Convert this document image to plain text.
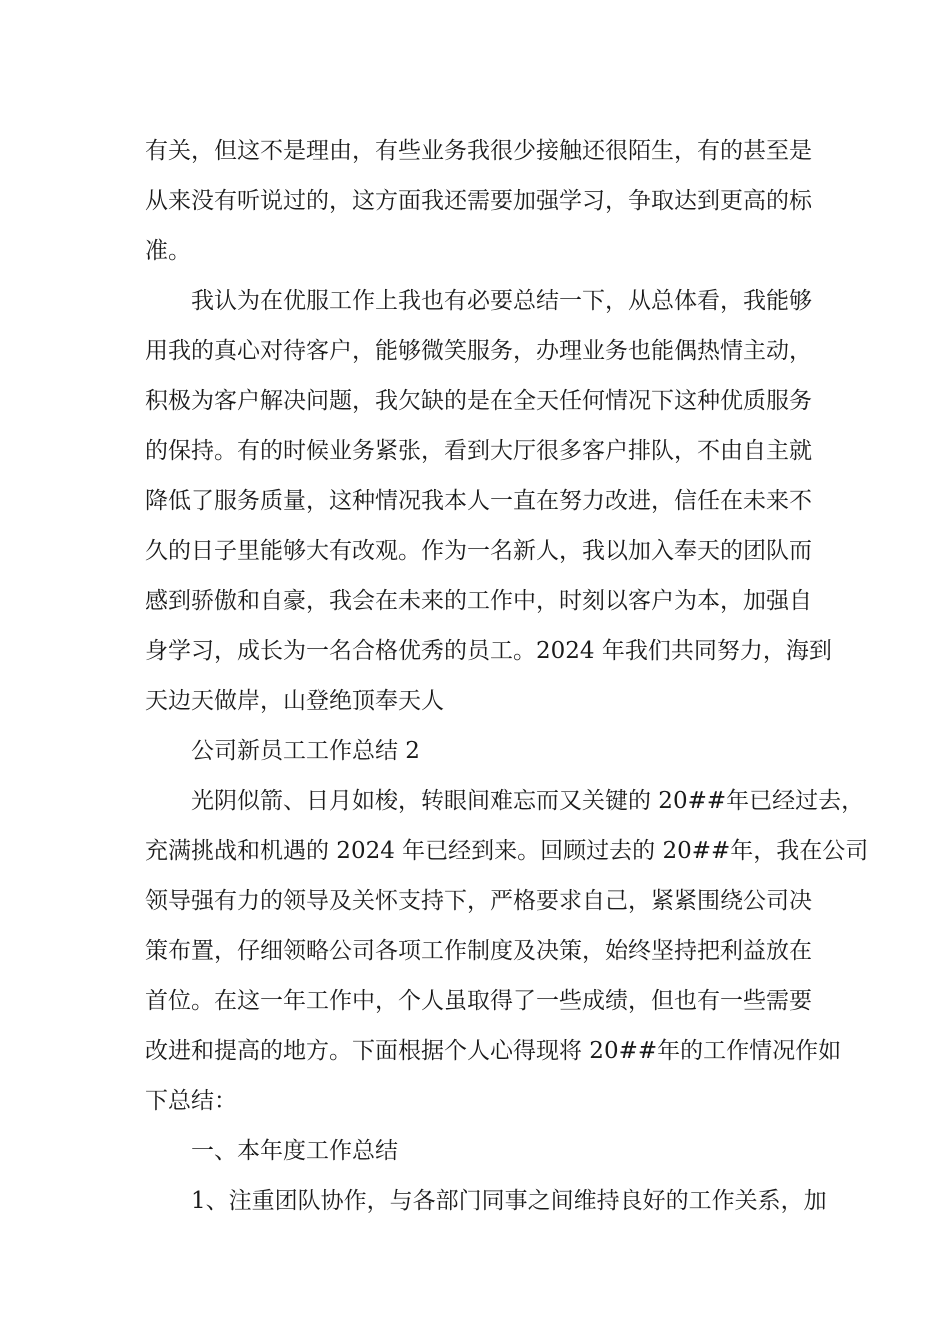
有关，但这不是理由，有些业务我很少接触还很陌生，有的甚至是
从来没有听说过的，这方面我还需要加强学习，争取达到更高的标
准。
我认为在优服工作上我也有必要总结一下，从总体看，我能够
用我的真心对待客户，能够微笑服务，办理业务也能偶热情主动，
积极为客户解决问题，我欠缺的是在全天任何情况下这种优质服务
的保持。有的时候业务紧张，看到大厅很多客户排队，不由自主就
降低了服务质量，这种情况我本人一直在努力改进，信任在未来不
久的日子里能够大有改观。作为一名新人，我以加入奉天的团队而
感到骄傲和自豪，我会在未来的工作中，时刻以客户为本，加强自
身学习，成长为一名合格优秀的员工。2024 年我们共同努力，海到
天边天做岸，山登绝顶奉天人
公司新员工工作总结 2
光阴似箭、日月如梭，转眼间难忘而又关键的 20##年已经过去，
充满挑战和机遇的 2024 年已经到来。回顾过去的 20##年，我在公司
领导强有力的领导及关怀支持下，严格要求自己，紧紧围绕公司决
策布置，仔细领略公司各项工作制度及决策，始终坚持把利益放在
首位。在这一年工作中，个人虽取得了一些成绩，但也有一些需要
改进和提高的地方。下面根据个人心得现将 20##年的工作情况作如
下总结：
一、本年度工作总结
1、注重团队协作，与各部门同事之间维持良好的工作关系，加
